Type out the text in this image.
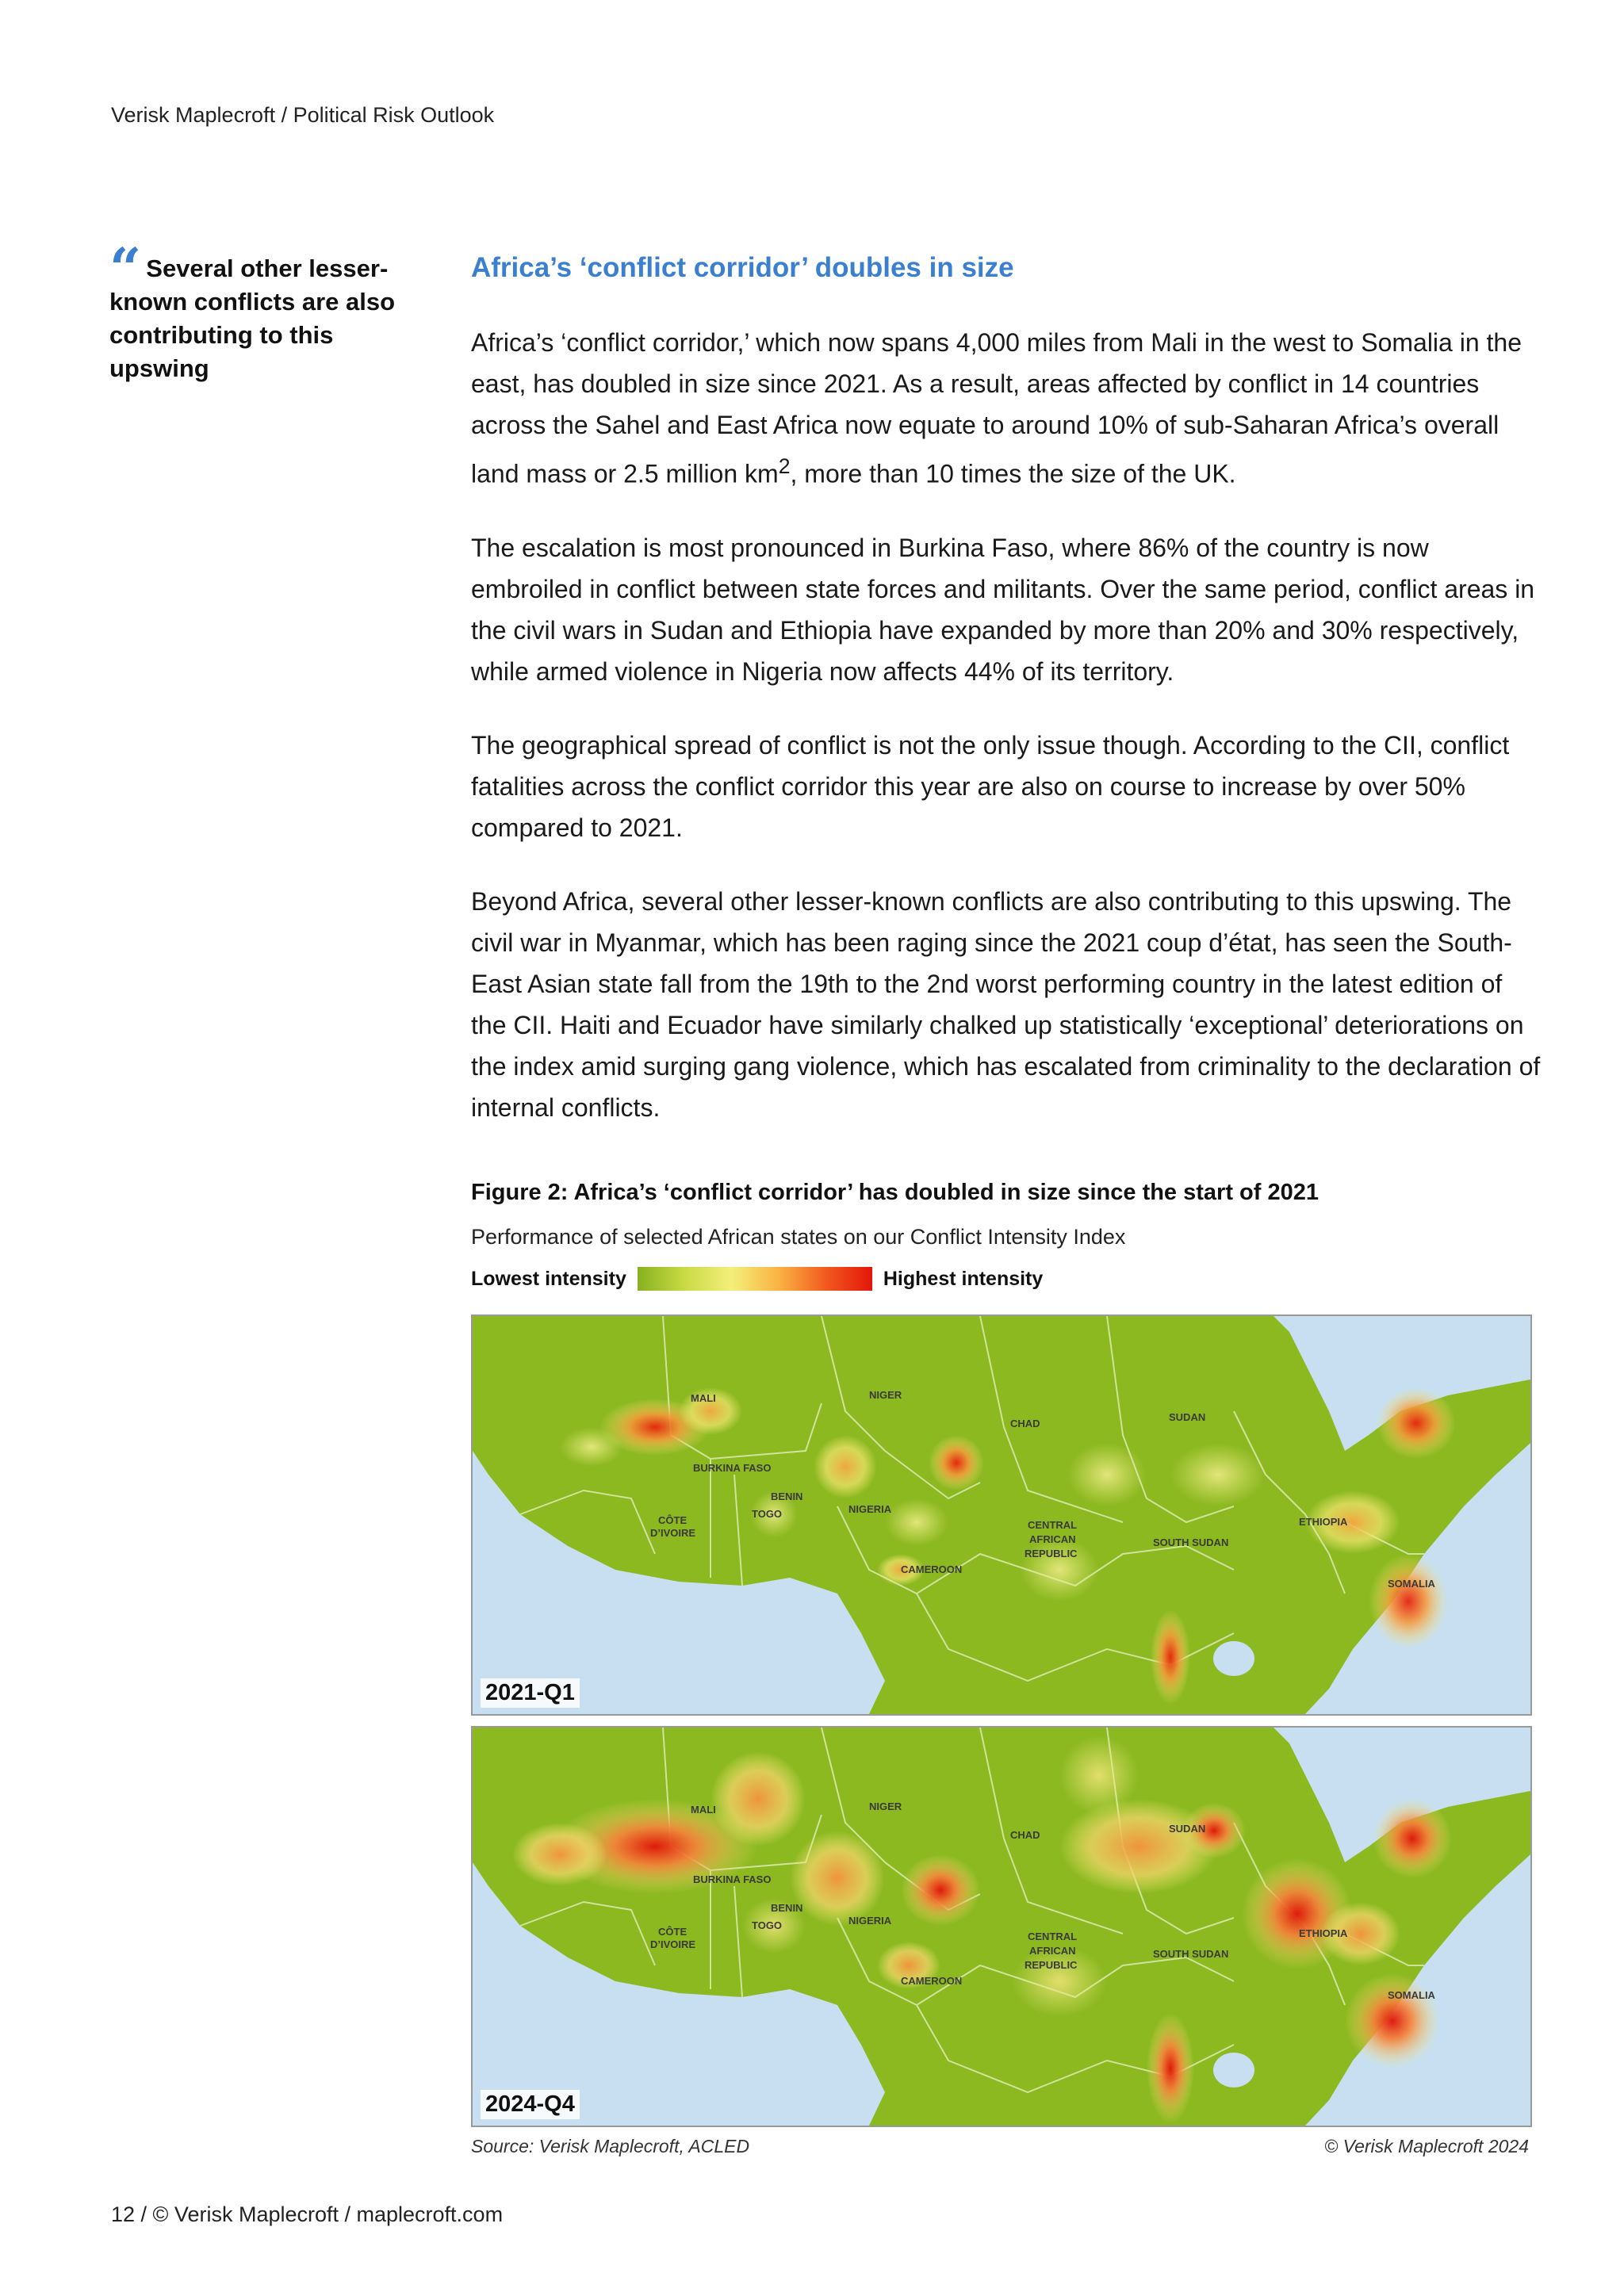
Verisk Maplecroft / Political Risk Outlook
“ Several other lesser-known conflicts are also contributing to this upswing
Africa’s ‘conflict corridor’ doubles in size

Africa’s ‘conflict corridor,’ which now spans 4,000 miles from Mali in the west to Somalia in the east, has doubled in size since 2021. As a result, areas affected by conflict in 14 countries across the Sahel and East Africa now equate to around 10% of sub-Saharan Africa’s overall land mass or 2.5 million $km^2$, more than 10 times the size of the UK.

The escalation is most pronounced in Burkina Faso, where 86% of the country is now embroiled in conflict between state forces and militants. Over the same period, conflict areas in the civil wars in Sudan and Ethiopia have expanded by more than 20% and 30% respectively, while armed violence in Nigeria now affects 44% of its territory.

The geographical spread of conflict is not the only issue though. According to the CII, conflict fatalities across the conflict corridor this year are also on course to increase by over 50% compared to 2021.

Beyond Africa, several other lesser-known conflicts are also contributing to this upswing. The civil war in Myanmar, which has been raging since the 2021 coup d’état, has seen the South-East Asian state fall from the 19th to the 2nd worst performing country in the latest edition of the CII. Haiti and Ecuador have similarly chalked up statistically ‘exceptional’ deteriorations on the index amid surging gang violence, which has escalated from criminality to the declaration of internal conflicts.

Figure 2: Africa’s ‘conflict corridor’ has doubled in size since the start of 2021
Performance of selected African states on our Conflict Intensity Index
Lowest intensity	Highest intensity
MALI	NIGER
CHAD
SUDAN
BURKINA FASO
BENIN
TOGO	NIGERIA
CÔTE
D’IVOIRE
CENTRAL
AFRICAN
REPUBLIC
CAMEROON
SOUTH SUDAN
ETHIOPIA
SOMALIA
2021-Q1
MALI	NIGER
CHAD
SUDAN
BURKINA FASO
BENIN
TOGO	NIGERIA
CÔTE
D’IVOIRE
CENTRAL
AFRICAN
REPUBLIC
CAMEROON
SOUTH SUDAN
ETHIOPIA
SOMALIA
2024-Q4
Source: Verisk Maplecroft, ACLED	© Verisk Maplecroft 2024
12 / © Verisk Maplecroft / maplecroft.com
